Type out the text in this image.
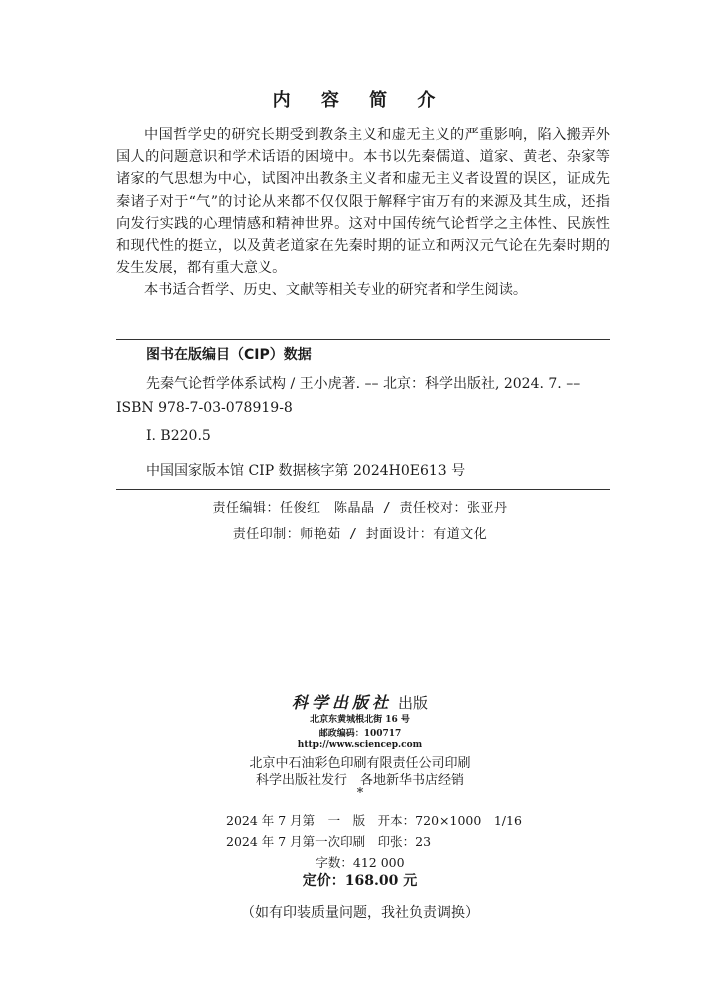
内 容 简 介

中国哲学史的研究长期受到教条主义和虚无主义的严重影响，陷入搬弄外国人的问题意识和学术话语的困境中。本书以先秦儒道、道家、黄老、杂家等诸家的气思想为中心，试图冲出教条主义者和虚无主义者设置的误区，证成先秦诸子对于“气”的讨论从来都不仅仅限于解释宇宙万有的来源及其生成，还指向发行实践的心理情感和精神世界。这对中国传统气论哲学之主体性、民族性和现代性的挺立，以及黄老道家在先秦时期的证立和两汉元气论在先秦时期的发生发展，都有重大意义。

本书适合哲学、历史、文献等相关专业的研究者和学生阅读。

图书在版编目（CIP）数据
先秦气论哲学体系试构 / 王小虎著. –– 北京：科学出版社, 2024. 7. –– ISBN 978-7-03-078919-8
Ⅰ. B220.5
中国国家版本馆 CIP 数据核字第 2024H0E613 号
责任编辑：任俊红　陈晶晶 / 责任校对：张亚丹
责任印制：师艳茹 / 封面设计：有道文化
科学出版社 出版
北京东黄城根北街 16 号
邮政编码：100717
http://www.sciencep.com
北京中石油彩色印刷有限责任公司印刷
科学出版社发行　各地新华书店经销
*
2024 年 7 月第　一　版　开本：720×1000　1/16
2024 年 7 月第一次印刷　印张：23
字数：412 000
定价：168.00 元
（如有印装质量问题，我社负责调换）
